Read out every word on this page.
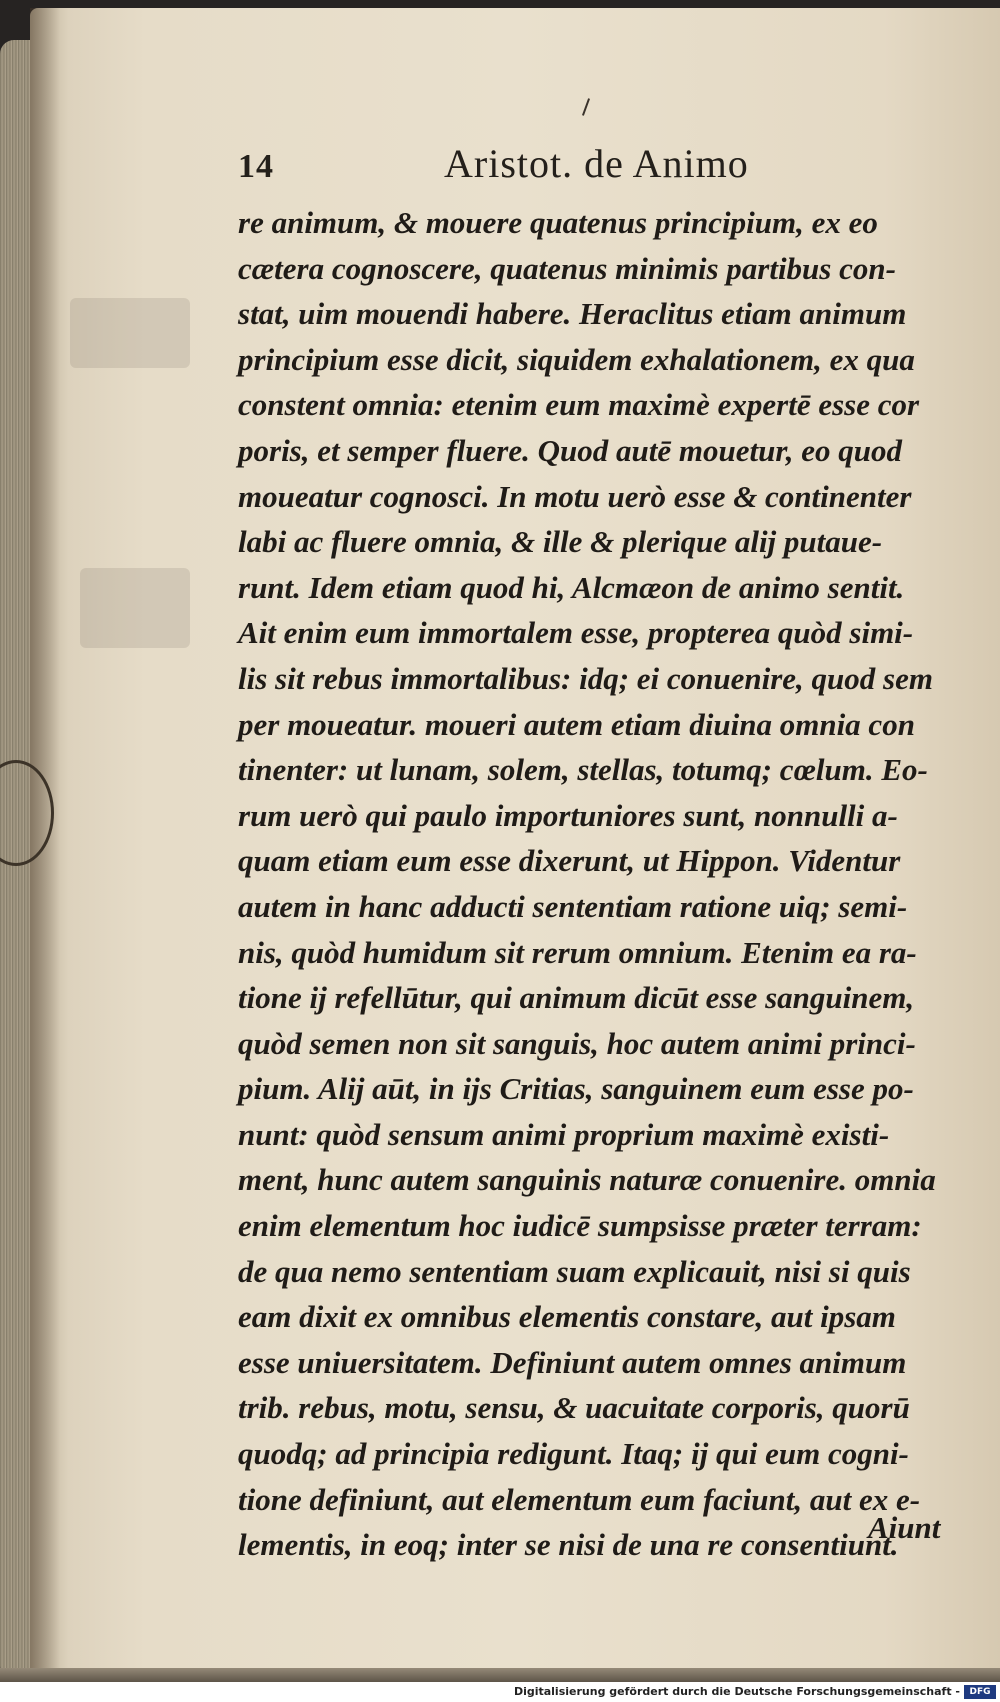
14	Aristot. de Animo
re animum, & mouere quatenus principium, ex eo
cætera cognoscere, quatenus minimis partibus con-
stat, uim mouendi habere. Heraclitus etiam animum
principium esse dicit, siquidem exhalationem, ex qua
constent omnia: etenim eum maximè expertē esse cor
poris, et semper fluere. Quod autē mouetur, eo quod
moueatur cognosci. In motu uerò esse & continenter
labi ac fluere omnia, & ille & plerique alij putaue-
runt. Idem etiam quod hi, Alcmæon de animo sentit.
Ait enim eum immortalem esse, propterea quòd simi-
lis sit rebus immortalibus: idq; ei conuenire, quod sem
per moueatur. moueri autem etiam diuina omnia con
tinenter: ut lunam, solem, stellas, totumq; cœlum. Eo-
rum uerò qui paulo importuniores sunt, nonnulli a-
quam etiam eum esse dixerunt, ut Hippon. Videntur
autem in hanc adducti sententiam ratione uiq; semi-
nis, quòd humidum sit rerum omnium. Etenim ea ra-
tione ij refellūtur, qui animum dicūt esse sanguinem,
quòd semen non sit sanguis, hoc autem animi princi-
pium. Alij aūt, in ijs Critias, sanguinem eum esse po-
nunt: quòd sensum animi proprium maximè existi-
ment, hunc autem sanguinis naturæ conuenire. omnia
enim elementum hoc iudicē sumpsisse præter terram:
de qua nemo sententiam suam explicauit, nisi si quis
eam dixit ex omnibus elementis constare, aut ipsam
esse uniuersitatem. Definiunt autem omnes animum
trib. rebus, motu, sensu, & uacuitate corporis, quorū
quodq; ad principia redigunt. Itaq; ij qui eum cogni-
tione definiunt, aut elementum eum faciunt, aut ex e-
lementis, in eoq; inter se nisi de una re consentiunt.
Aiunt
Digitalisierung gefördert durch die Deutsche Forschungsgemeinschaft -	DFG
